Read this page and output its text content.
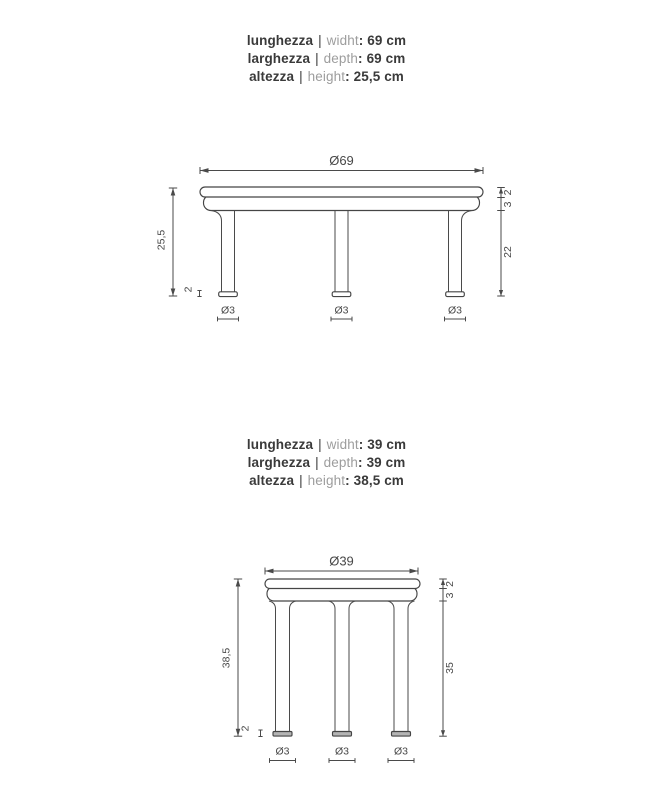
lunghezza | widht: 69 cm
larghezza | depth: 69 cm
altezza | height: 25,5 cm
lunghezza | widht: 39 cm
larghezza | depth: 39 cm
altezza | height: 38,5 cm
Ø69
25,5
2
3
22
2
Ø3	Ø3	Ø3
Ø39
38,5
2
3
35
2
Ø3	Ø3	Ø3
